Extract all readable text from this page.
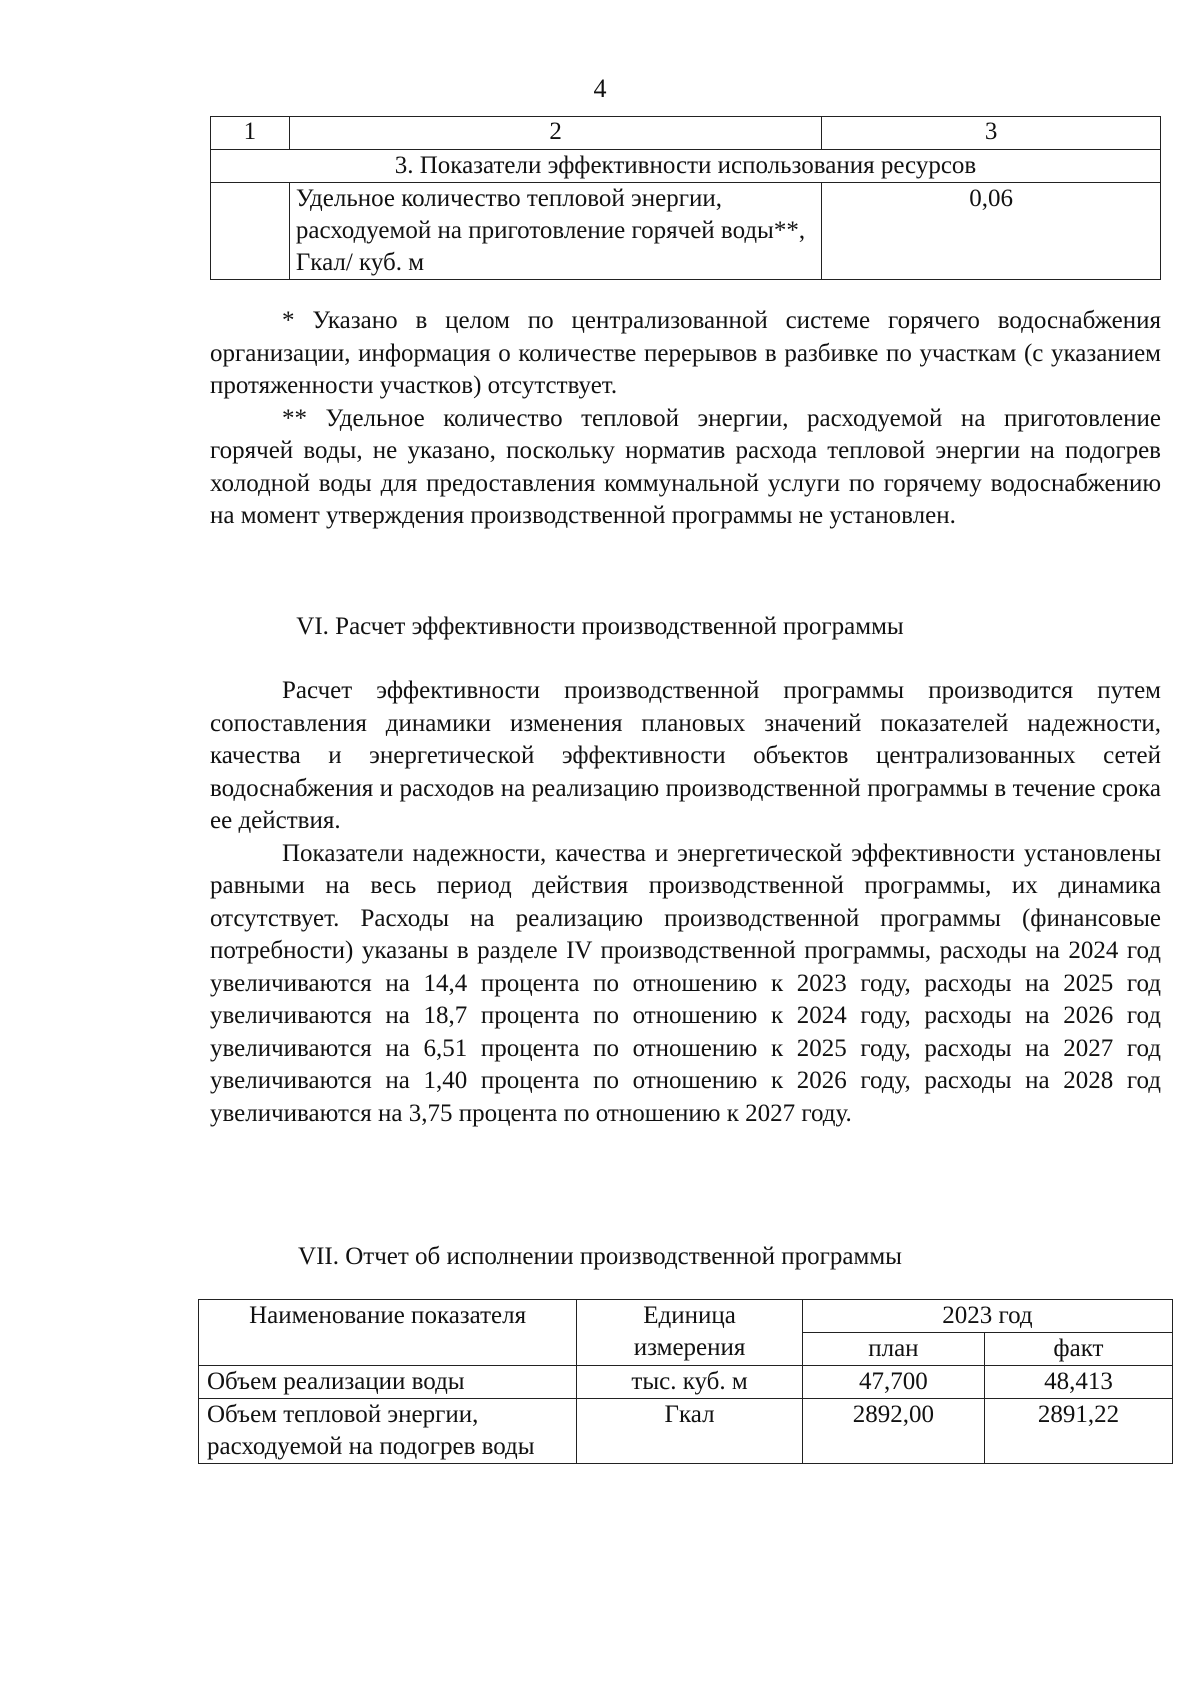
4
1	2	3
3. Показатели эффективности использования ресурсов		
	Удельное количество тепловой энергии, расходуемой на приготовление горячей воды**, Гкал/ куб. м	0,06

* Указано в целом по централизованной системе горячего водоснабжения организации, информация о количестве перерывов в разбивке по участкам (с указанием протяженности участков) отсутствует.

** Удельное количество тепловой энергии, расходуемой на приготовление горячей воды, не указано, поскольку норматив расхода тепловой энергии на подогрев холодной воды для предоставления коммунальной услуги по горячему водоснабжению на момент утверждения производственной программы не установлен.

VI. Расчет эффективности производственной программы

Расчет эффективности производственной программы производится путем сопоставления динамики изменения плановых значений показателей надежности, качества и энергетической эффективности объектов централизованных сетей водоснабжения и расходов на реализацию производственной программы в течение срока ее действия.

Показатели надежности, качества и энергетической эффективности установлены равными на весь период действия производственной программы, их динамика отсутствует. Расходы на реализацию производственной программы (финансовые потребности) указаны в разделе IV производственной программы, расходы на 2024 год увеличиваются на 14,4 процента по отношению к 2023 году, расходы на 2025 год увеличиваются на 18,7 процента по отношению к 2024 году, расходы на 2026 год увеличиваются на 6,51 процента по отношению к 2025 году, расходы на 2027 год увеличиваются на 1,40 процента по отношению к 2026 году, расходы на 2028 год увеличиваются на 3,75 процента по отношению к 2027 году.

VII. Отчет об исполнении производственной программы
Наименование показателя	Единица измерения	2023 год	
		план	факт
Объем реализации воды	тыс. куб. м	47,700	48,413
Объем тепловой энергии, расходуемой на подогрев воды	Гкал	2892,00	2891,22
